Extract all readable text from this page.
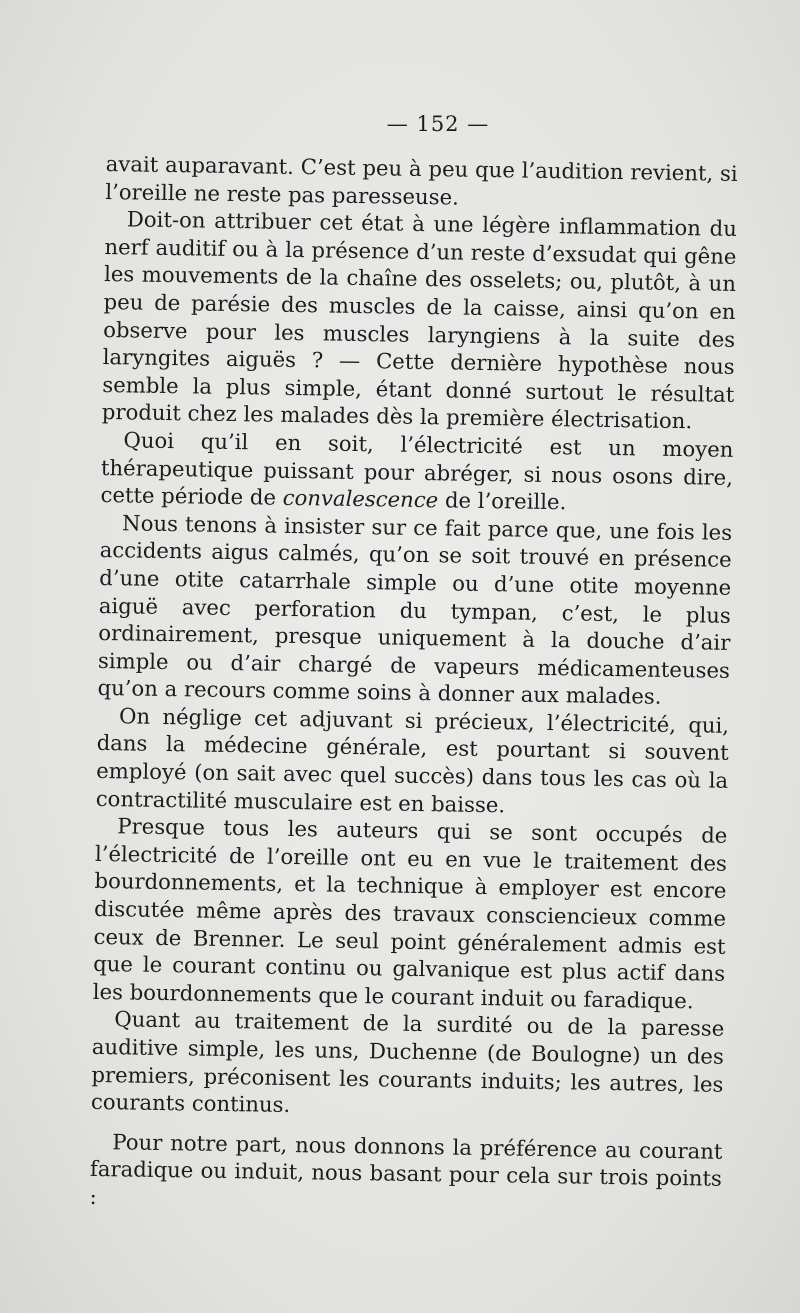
— 152 —

avait auparavant. C’est peu à peu que l’audition revient, si l’oreille ne reste pas paresseuse.

Doit-on attribuer cet état à une légère inflammation du nerf auditif ou à la présence d’un reste d’exsudat qui gêne les mouvements de la chaîne des osselets; ou, plutôt, à un peu de parésie des muscles de la caisse, ainsi qu’on en observe pour les muscles laryngiens à la suite des laryngites aiguës ? — Cette dernière hypothèse nous semble la plus simple, étant donné surtout le résultat produit chez les malades dès la première électrisation.

Quoi qu’il en soit, l’électricité est un moyen thérapeutique puissant pour abréger, si nous osons dire, cette période de convalescence de l’oreille.

Nous tenons à insister sur ce fait parce que, une fois les accidents aigus calmés, qu’on se soit trouvé en présence d’une otite catarrhale simple ou d’une otite moyenne aiguë avec perforation du tympan, c’est, le plus ordinairement, presque uniquement à la douche d’air simple ou d’air chargé de vapeurs médicamenteuses qu’on a recours comme soins à donner aux malades.

On néglige cet adjuvant si précieux, l’électricité, qui, dans la médecine générale, est pourtant si souvent employé (on sait avec quel succès) dans tous les cas où la contractilité musculaire est en baisse.

Presque tous les auteurs qui se sont occupés de l’électricité de l’oreille ont eu en vue le traitement des bourdonnements, et la technique à employer est encore discutée même après des travaux consciencieux comme ceux de Brenner. Le seul point généralement admis est que le courant continu ou galvanique est plus actif dans les bourdonnements que le courant induit ou faradique.

Quant au traitement de la surdité ou de la paresse auditive simple, les uns, Duchenne (de Boulogne) un des premiers, préconisent les courants induits; les autres, les courants continus.

Pour notre part, nous donnons la préférence au courant faradique ou induit, nous basant pour cela sur trois points :
